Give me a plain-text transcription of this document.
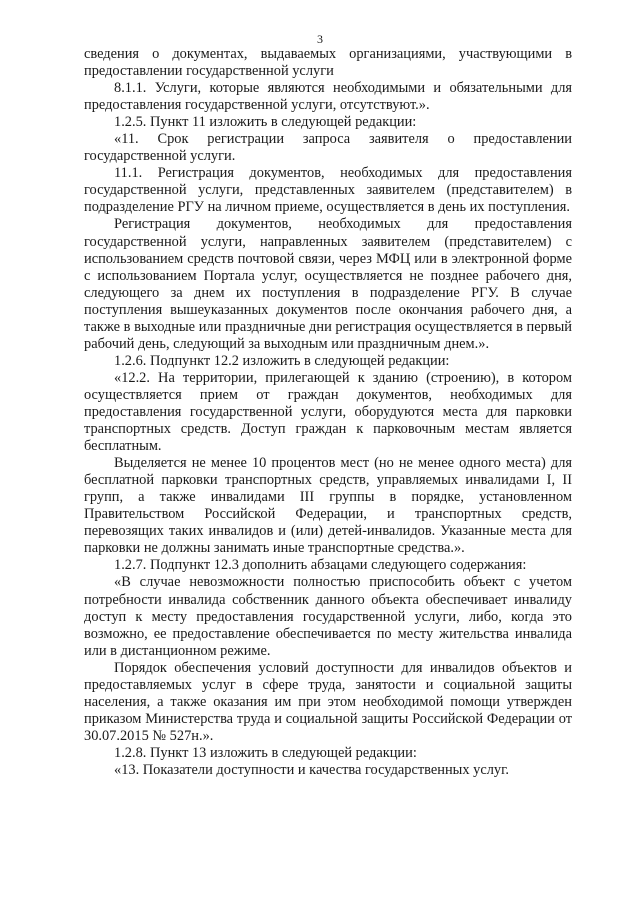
3

сведения о документах, выдаваемых организациями, участвующими в предоставлении государственной услуги

8.1.1. Услуги, которые являются необходимыми и обязательными для предоставления государственной услуги, отсутствуют.».

1.2.5. Пункт 11 изложить в следующей редакции:

«11. Срок регистрации запроса заявителя о предоставлении государственной услуги.

11.1. Регистрация документов, необходимых для предоставления государственной услуги, представленных заявителем (представителем) в подразделение РГУ на личном приеме, осуществляется в день их поступления.

Регистрация документов, необходимых для предоставления государственной услуги, направленных заявителем (представителем) с использованием средств почтовой связи, через МФЦ или в электронной форме с использованием Портала услуг, осуществляется не позднее рабочего дня, следующего за днем их поступления в подразделение РГУ. В случае поступления вышеуказанных документов после окончания рабочего дня, а также в выходные или праздничные дни регистрация осуществляется в первый рабочий день, следующий за выходным или праздничным днем.».

1.2.6. Подпункт 12.2 изложить в следующей редакции:

«12.2. На территории, прилегающей к зданию (строению), в котором осуществляется прием от граждан документов, необходимых для предоставления государственной услуги, оборудуются места для парковки транспортных средств. Доступ граждан к парковочным местам является бесплатным.

Выделяется не менее 10 процентов мест (но не менее одного места) для бесплатной парковки транспортных средств, управляемых инвалидами I, II групп, а также инвалидами III группы в порядке, установленном Правительством Российской Федерации, и транспортных средств, перевозящих таких инвалидов и (или) детей-инвалидов. Указанные места для парковки не должны занимать иные транспортные средства.».

1.2.7. Подпункт 12.3 дополнить абзацами следующего содержания:

«В случае невозможности полностью приспособить объект с учетом потребности инвалида собственник данного объекта обеспечивает инвалиду доступ к месту предоставления государственной услуги, либо, когда это возможно, ее предоставление обеспечивается по месту жительства инвалида или в дистанционном режиме.

Порядок обеспечения условий доступности для инвалидов объектов и предоставляемых услуг в сфере труда, занятости и социальной защиты населения, а также оказания им при этом необходимой помощи утвержден приказом Министерства труда и социальной защиты Российской Федерации от 30.07.2015 № 527н.».

1.2.8. Пункт 13 изложить в следующей редакции:

«13. Показатели доступности и качества государственных услуг.
